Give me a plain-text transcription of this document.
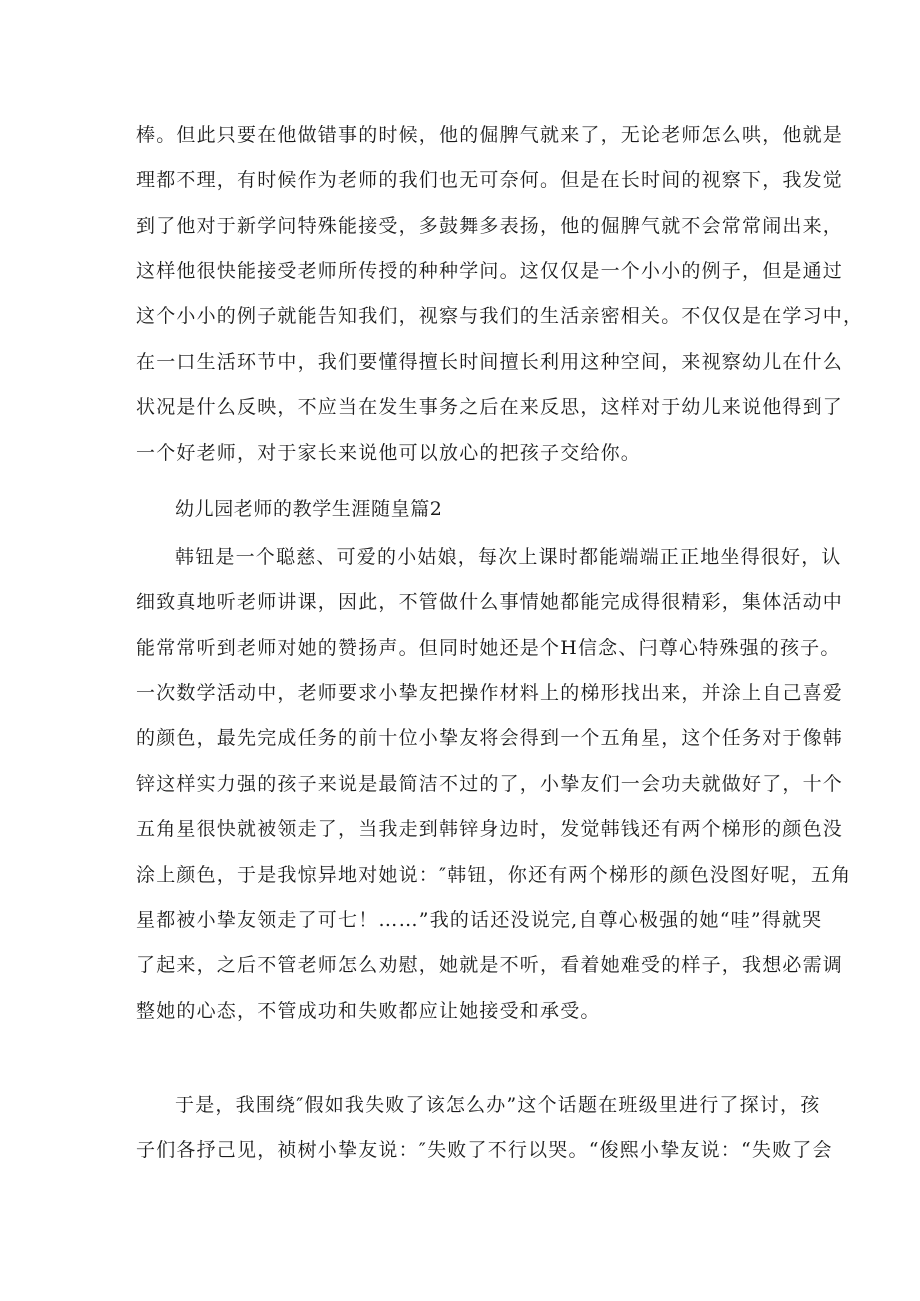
棒。但此只要在他做错事的时候，他的倔脾气就来了，无论老师怎么哄，他就是
理都不理，有时候作为老师的我们也无可奈何。但是在长时间的视察下，我发觉
到了他对于新学问特殊能接受，多鼓舞多表扬，他的倔脾气就不会常常闹出来，
这样他很快能接受老师所传授的种种学问。这仅仅是一个小小的例子，但是通过
这个小小的例子就能告知我们，视察与我们的生活亲密相关。不仅仅是在学习中，
在一口生活环节中，我们要懂得擅长时间擅长利用这种空间，来视察幼儿在什么
状况是什么反映，不应当在发生事务之后在来反思，这样对于幼儿来说他得到了
一个好老师，对于家长来说他可以放心的把孩子交给你。
幼儿园老师的教学生涯随皇篇2
韩钮是一个聪慈、可爱的小姑娘，每次上课时都能端端正正地坐得很好，认
细致真地听老师讲课，因此，不管做什么事情她都能完成得很精彩，集体活动中
能常常听到老师对她的赞扬声。但同时她还是个H信念、闩尊心特殊强的孩子。
一次数学活动中，老师要求小挚友把操作材料上的梯形找出来，并涂上自己喜爱
的颜色，最先完成任务的前十位小挚友将会得到一个五角星，这个任务对于像韩
锌这样实力强的孩子来说是最简洁不过的了，小挚友们一会功夫就做好了，十个
五角星很快就被领走了，当我走到韩锌身边时，发觉韩钱还有两个梯形的颜色没
涂上颜色，于是我惊异地对她说：″韩钮，你还有两个梯形的颜色没图好呢，五角
星都被小挚友领走了可七！……”我的话还没说完,自尊心极强的她“哇”得就哭
了起来，之后不管老师怎么劝慰，她就是不听，看着她难受的样子，我想必需调
整她的心态，不管成功和失败都应让她接受和承受。
于是，我围绕″假如我失败了该怎么办”这个话题在班级里进行了探讨，孩
子们各抒己见，祯树小挚友说：″失败了不行以哭。“俊熙小挚友说：“失败了会
